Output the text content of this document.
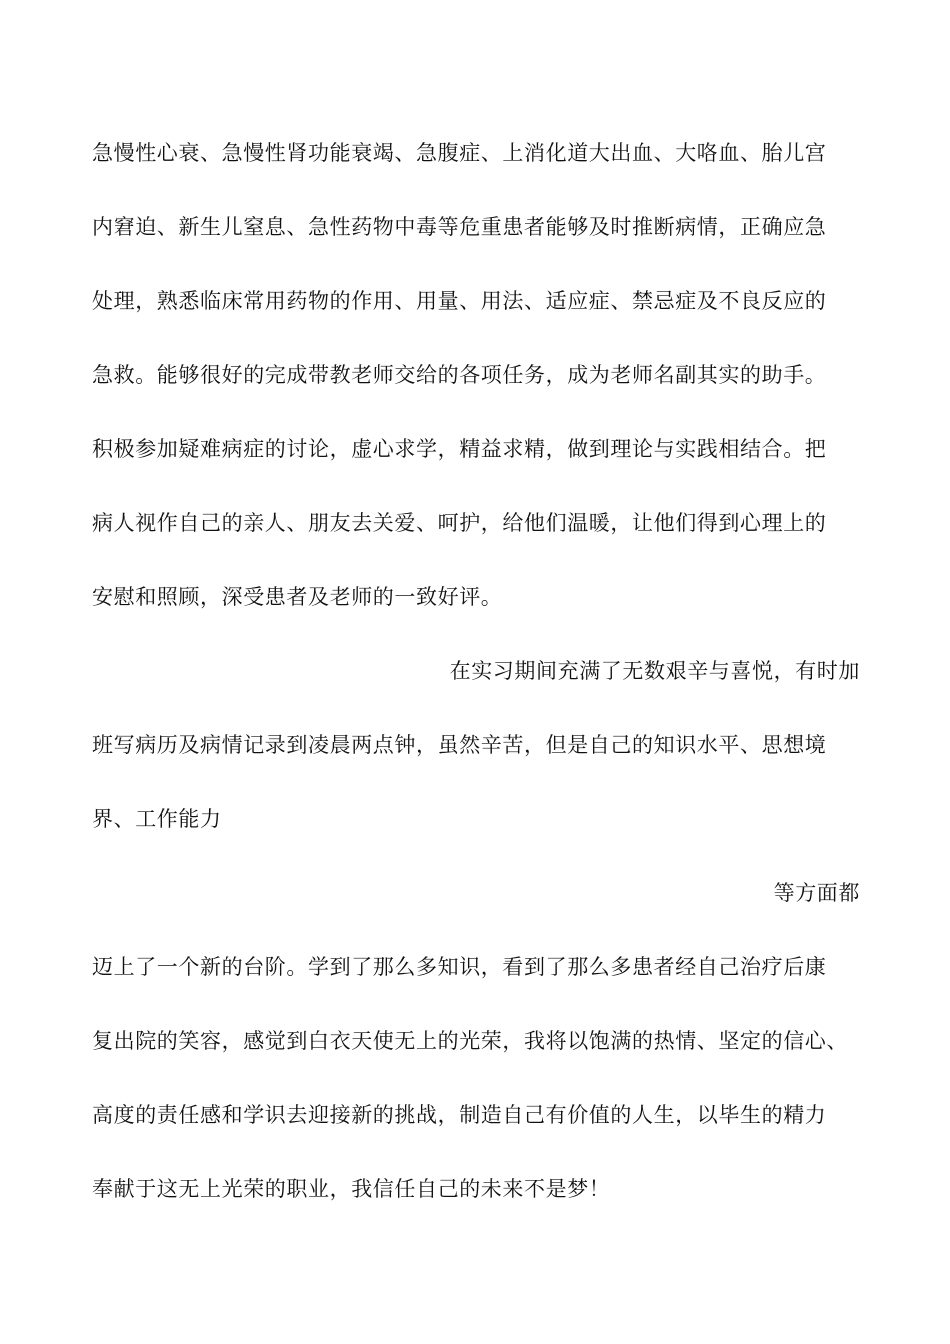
急慢性心衰、急慢性肾功能衰竭、急腹症、上消化道大出血、大咯血、胎儿宫
内窘迫、新生儿窒息、急性药物中毒等危重患者能够及时推断病情，正确应急
处理，熟悉临床常用药物的作用、用量、用法、适应症、禁忌症及不良反应的
急救。能够很好的完成带教老师交给的各项任务，成为老师名副其实的助手。
积极参加疑难病症的讨论，虚心求学，精益求精，做到理论与实践相结合。把
病人视作自己的亲人、朋友去关爱、呵护，给他们温暖，让他们得到心理上的
安慰和照顾，深受患者及老师的一致好评。
在实习期间充满了无数艰辛与喜悦，有时加
班写病历及病情记录到凌晨两点钟，虽然辛苦，但是自己的知识水平、思想境
界、工作能力
等方面都
迈上了一个新的台阶。学到了那么多知识，看到了那么多患者经自己治疗后康
复出院的笑容，感觉到白衣天使无上的光荣，我将以饱满的热情、坚定的信心、
高度的责任感和学识去迎接新的挑战，制造自己有价值的人生，以毕生的精力
奉献于这无上光荣的职业，我信任自己的未来不是梦！
